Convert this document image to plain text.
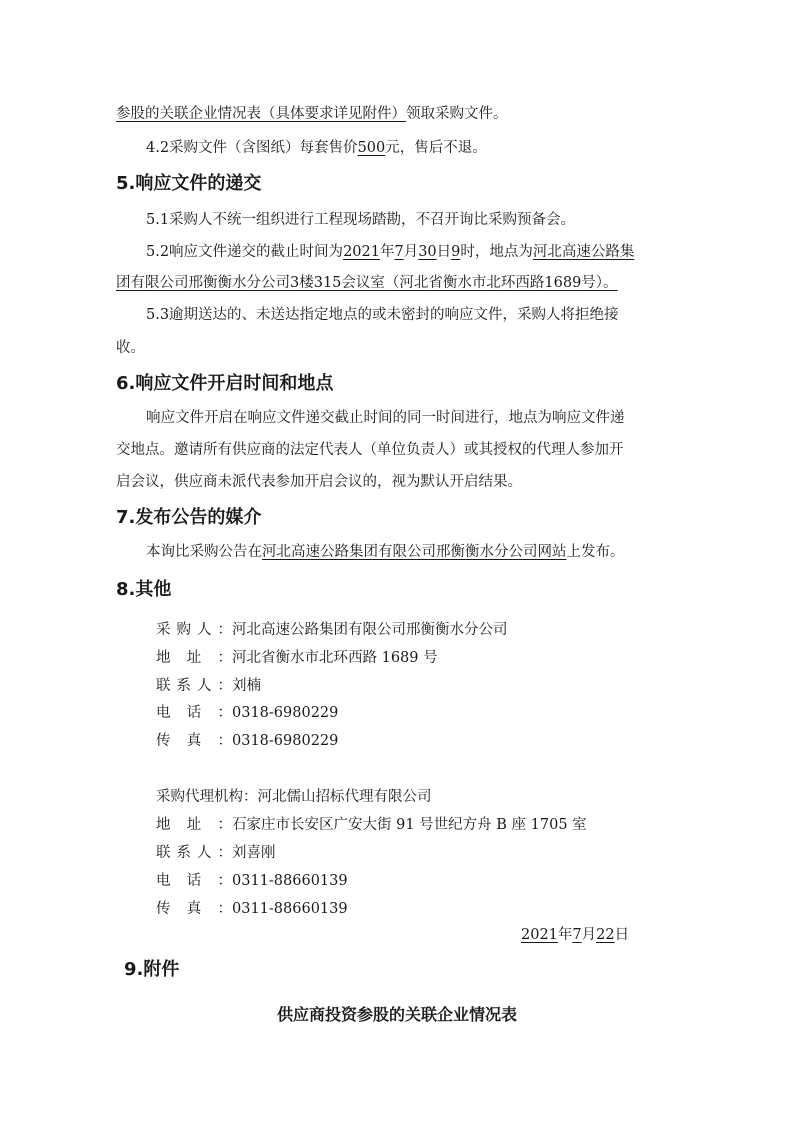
参股的关联企业情况表（具体要求详见附件）领取采购文件。
4.2采购文件（含图纸）每套售价500元，售后不退。
5.响应文件的递交
5.1采购人不统一组织进行工程现场踏勘，不召开询比采购预备会。
5.2响应文件递交的截止时间为2021年7月30日9时，地点为河北高速公路集
团有限公司邢衡衡水分公司3楼315会议室（河北省衡水市北环西路1689号）。
5.3逾期送达的、未送达指定地点的或未密封的响应文件，采购人将拒绝接
收。
6.响应文件开启时间和地点
响应文件开启在响应文件递交截止时间的同一时间进行，地点为响应文件递
交地点。邀请所有供应商的法定代表人（单位负责人）或其授权的代理人参加开
启会议，供应商未派代表参加开启会议的，视为默认开启结果。
7.发布公告的媒介
本询比采购公告在河北高速公路集团有限公司邢衡衡水分公司网站上发布。
8.其他
采购人：河北高速公路集团有限公司邢衡衡水分公司
地址：河北省衡水市北环西路 1689 号
联系人：刘楠
电话：0318-6980229
传真：0318-6980229
采购代理机构：河北儒山招标代理有限公司
地址：石家庄市长安区广安大街 91 号世纪方舟 B 座 1705 室
联系人：刘喜刚
电话：0311-88660139
传真：0311-88660139
2021年7月22日
9.附件
供应商投资参股的关联企业情况表
